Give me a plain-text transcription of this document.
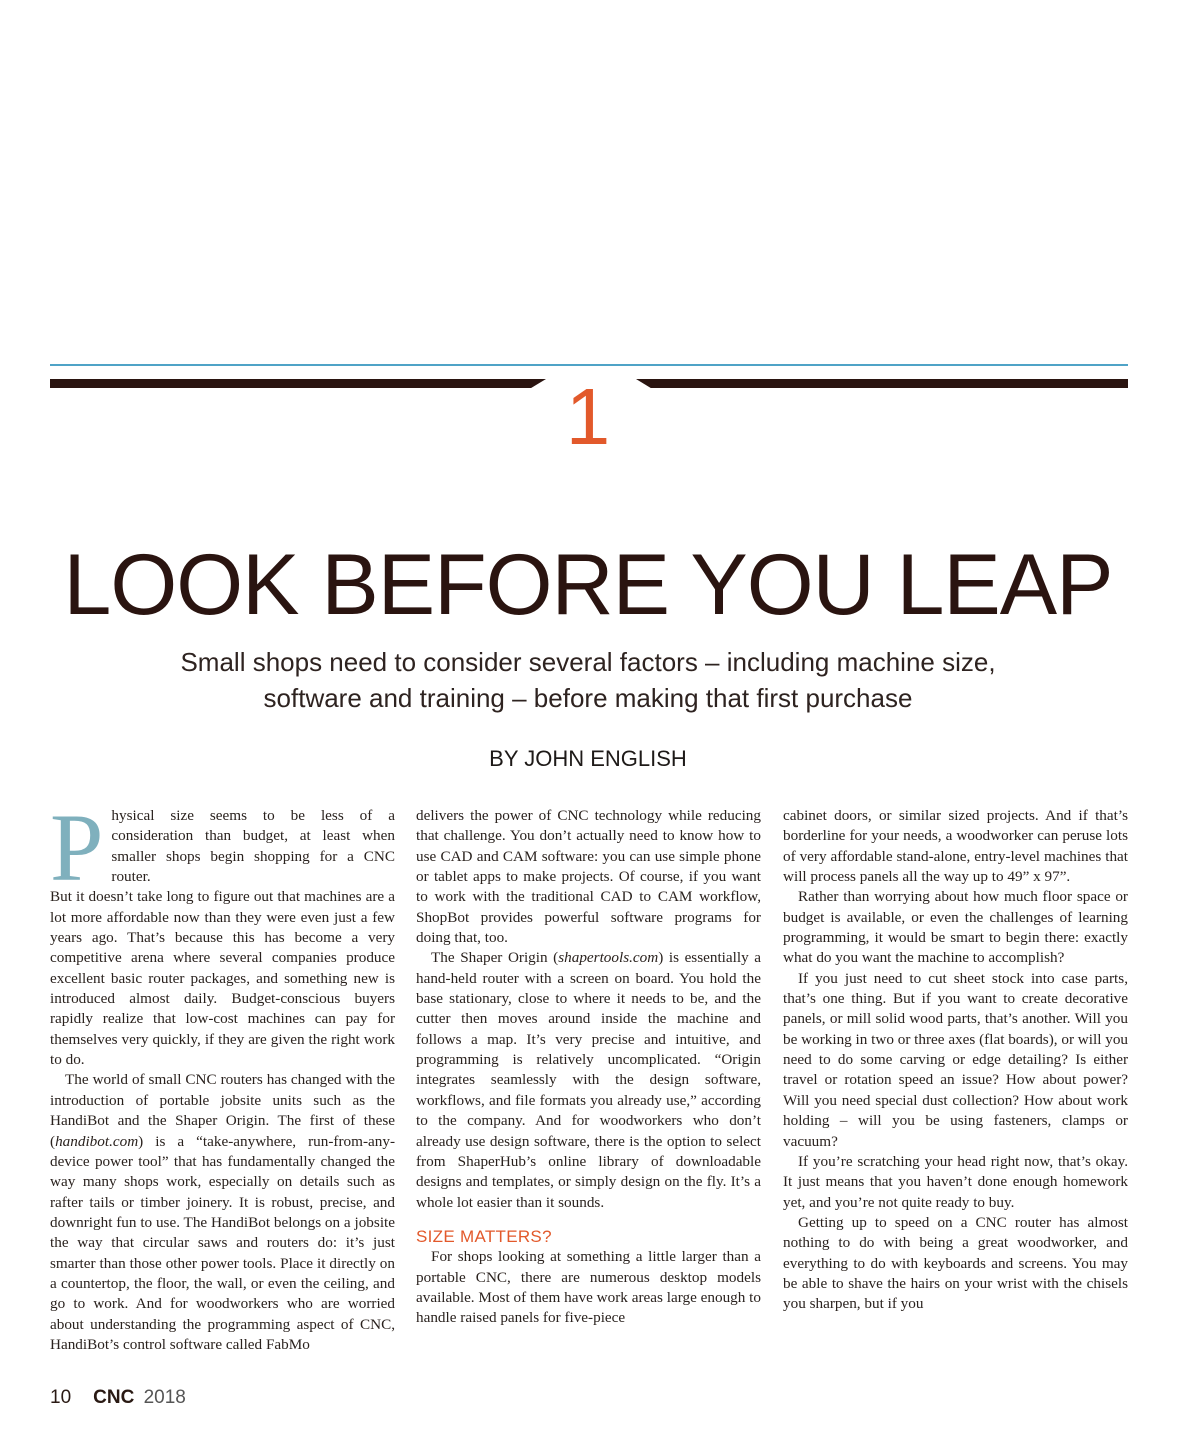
1
LOOK BEFORE YOU LEAP
Small shops need to consider several factors – including machine size,
software and training – before making that first purchase
BY JOHN ENGLISH

Physical size seems to be less of a consideration than budget, at least when smaller shops begin shopping for a CNC router.

But it doesn’t take long to figure out that machines are a lot more affordable now than they were even just a few years ago. That’s because this has become a very competitive arena where several companies produce excellent basic router packages, and something new is introduced almost daily. Budget-conscious buyers rapidly realize that low-cost machines can pay for themselves very quickly, if they are given the right work to do.

The world of small CNC routers has changed with the introduction of portable jobsite units such as the HandiBot and the Shaper Origin. The first of these (handibot.com) is a “take-anywhere, run-from-any-device power tool” that has fundamentally changed the way many shops work, especially on details such as rafter tails or timber joinery. It is robust, precise, and downright fun to use. The HandiBot belongs on a jobsite the way that circular saws and routers do: it’s just smarter than those other power tools. Place it directly on a countertop, the floor, the wall, or even the ceiling, and go to work. And for woodworkers who are worried about understanding the programming aspect of CNC, HandiBot’s control software called FabMo

delivers the power of CNC technology while reducing that challenge. You don’t actually need to know how to use CAD and CAM software: you can use simple phone or tablet apps to make projects. Of course, if you want to work with the traditional CAD to CAM workflow, ShopBot provides powerful software programs for doing that, too.

The Shaper Origin (shapertools.com) is essentially a hand-held router with a screen on board. You hold the base stationary, close to where it needs to be, and the cutter then moves around inside the machine and follows a map. It’s very precise and intuitive, and programming is relatively uncomplicated. “Origin integrates seamlessly with the design software, workflows, and file formats you already use,” according to the company. And for woodworkers who don’t already use design software, there is the option to select from ShaperHub’s online library of downloadable designs and templates, or simply design on the fly. It’s a whole lot easier than it sounds.

SIZE MATTERS?

For shops looking at something a little larger than a portable CNC, there are numerous desktop models available. Most of them have work areas large enough to handle raised panels for five-piece

cabinet doors, or similar sized projects. And if that’s borderline for your needs, a woodworker can peruse lots of very affordable stand-alone, entry-level machines that will process panels all the way up to 49” x 97”.

Rather than worrying about how much floor space or budget is available, or even the challenges of learning programming, it would be smart to begin there: exactly what do you want the machine to accomplish?

If you just need to cut sheet stock into case parts, that’s one thing. But if you want to create decorative panels, or mill solid wood parts, that’s another. Will you be working in two or three axes (flat boards), or will you need to do some carving or edge detailing? Is either travel or rotation speed an issue? How about power? Will you need special dust collection? How about work holding – will you be using fasteners, clamps or vacuum?

If you’re scratching your head right now, that’s okay. It just means that you haven’t done enough homework yet, and you’re not quite ready to buy.

Getting up to speed on a CNC router has almost nothing to do with being a great woodworker, and everything to do with keyboards and screens. You may be able to shave the hairs on your wrist with the chisels you sharpen, but if you

10 CNC 2018
